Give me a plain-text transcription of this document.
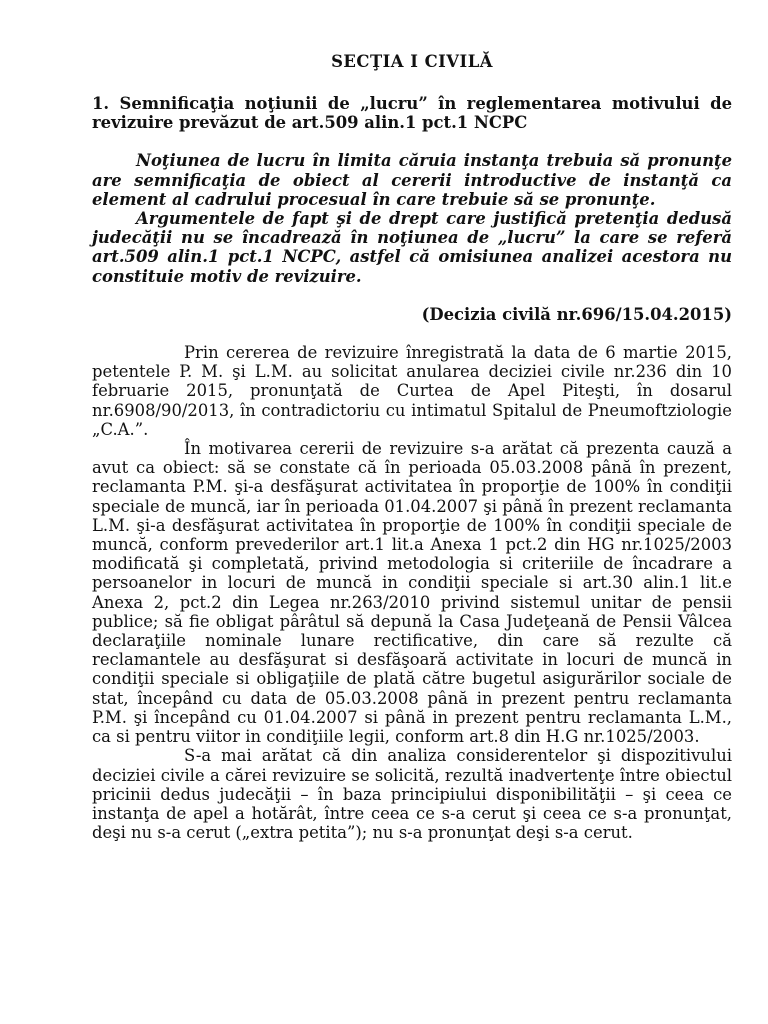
SECŢIA I CIVILĂ

1. Semnificaţia noţiunii de „lucru” în reglementarea motivului de revizuire prevăzut de art.509 alin.1 pct.1 NCPC

Noţiunea de lucru în limita căruia instanţa trebuia să pronunţe are semnificaţia de obiect al cererii introductive de instanţă ca element al cadrului procesual în care trebuie să se pronunţe.

Argumentele de fapt şi de drept care justifică pretenţia dedusă judecăţii nu se încadrează în noţiunea de „lucru” la care se referă art.509 alin.1 pct.1 NCPC, astfel că omisiunea analizei acestora nu constituie motiv de revizuire.

(Decizia civilă nr.696/15.04.2015)

Prin cererea de revizuire înregistrată la data de 6 martie 2015, petentele P. M. şi L.M. au solicitat anularea deciziei civile nr.236 din 10 februarie 2015, pronunţată de Curtea de Apel Piteşti, în dosarul nr.6908/90/2013, în contradictoriu cu intimatul Spitalul de Pneumoftziologie „C.A.”.

În motivarea cererii de revizuire s-a arătat că prezenta cauză a avut ca obiect: să se constate că în perioada 05.03.2008 până în prezent, reclamanta P.M. şi-a desfăşurat activitatea în proporţie de 100% în condiţii speciale de muncă, iar în perioada 01.04.2007 şi până în prezent reclamanta L.M. şi-a desfăşurat activitatea în proporţie de 100% în condiţii speciale de muncă, conform prevederilor art.1 lit.a Anexa 1 pct.2 din HG nr.1025/2003 modificată şi completată, privind metodologia si criteriile de încadrare a persoanelor in locuri de muncă in condiţii speciale si art.30 alin.1 lit.e Anexa 2, pct.2 din Legea nr.263/2010 privind sistemul unitar de pensii publice; să fie obligat pârâtul să depună la Casa Judeţeană de Pensii Vâlcea declaraţiile nominale lunare rectificative, din care să rezulte că reclamantele au desfăşurat si desfăşoară activitate in locuri de muncă in condiţii speciale si obligaţiile de plată către bugetul asigurărilor sociale de stat, începând cu data de 05.03.2008 până in prezent pentru reclamanta P.M. şi începând cu 01.04.2007 si până in prezent pentru reclamanta L.M., ca si pentru viitor in condiţiile legii, conform art.8 din H.G nr.1025/2003.

S-a mai arătat că din analiza considerentelor şi dispozitivului deciziei civile a cărei revizuire se solicită, rezultă inadvertenţe între obiectul pricinii dedus judecăţii – în baza principiului disponibilităţii – şi ceea ce instanţa de apel a hotărât, între ceea ce s-a cerut şi ceea ce s-a pronunţat, deşi nu s-a cerut („extra petita”); nu s-a pronunţat deşi s-a cerut.
